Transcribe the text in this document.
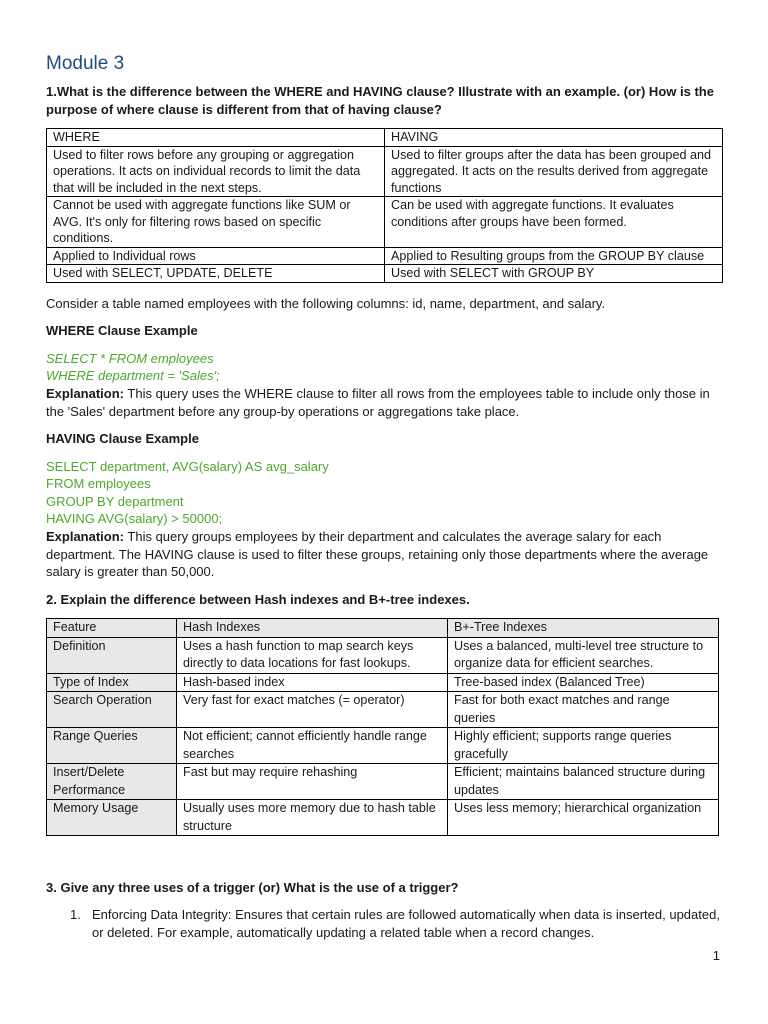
Module 3
1.What is the difference between the WHERE and HAVING clause? Illustrate with an example. (or) How is the purpose of where clause is different from that of having clause?
WHERE	HAVING
Used to filter rows before any grouping or aggregation operations. It acts on individual records to limit the data that will be included in the next steps.	Used to filter groups after the data has been grouped and aggregated. It acts on the results derived from aggregate functions
Cannot be used with aggregate functions like SUM or AVG. It's only for filtering rows based on specific conditions.	Can be used with aggregate functions. It evaluates conditions after groups have been formed.
Applied to Individual rows	Applied to Resulting groups from the GROUP BY clause
Used with SELECT, UPDATE, DELETE	Used with SELECT with GROUP BY
Consider a table named employees with the following columns: id, name, department, and salary.
WHERE Clause Example
SELECT * FROM employees
WHERE department = 'Sales';
Explanation: This query uses the WHERE clause to filter all rows from the employees table to include only those in the 'Sales' department before any group-by operations or aggregations take place.
HAVING Clause Example
SELECT department, AVG(salary) AS avg_salary
FROM employees
GROUP BY department
HAVING AVG(salary) > 50000;
Explanation: This query groups employees by their department and calculates the average salary for each department. The HAVING clause is used to filter these groups, retaining only those departments where the average salary is greater than 50,000.
2. Explain the difference between Hash indexes and B+-tree indexes.
Feature	Hash Indexes	B+-Tree Indexes
Definition	Uses a hash function to map search keys directly to data locations for fast lookups.	Uses a balanced, multi-level tree structure to organize data for efficient searches.
Type of Index	Hash-based index	Tree-based index (Balanced Tree)
Search Operation	Very fast for exact matches (= operator)	Fast for both exact matches and range queries
Range Queries	Not efficient; cannot efficiently handle range searches	Highly efficient; supports range queries gracefully
Insert/Delete Performance	Fast but may require rehashing	Efficient; maintains balanced structure during updates
Memory Usage	Usually uses more memory due to hash table structure	Uses less memory; hierarchical organization
3. Give any three uses of a trigger (or) What is the use of a trigger?
1. Enforcing Data Integrity: Ensures that certain rules are followed automatically when data is inserted, updated, or deleted. For example, automatically updating a related table when a record changes.
1
